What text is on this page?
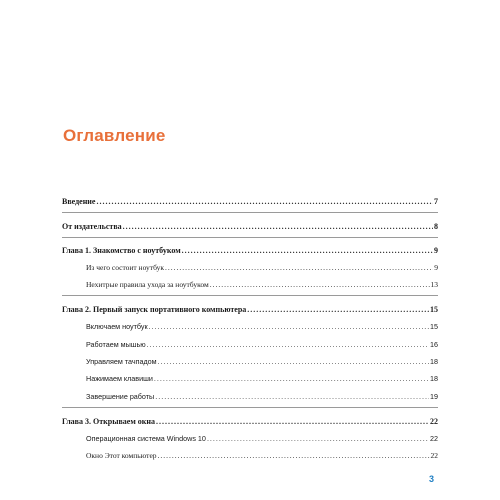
Оглавление
Введение .....	7
От издательства .....	8
Глава 1. Знакомство с ноутбуком .....	9
Из чего состоит ноутбук .....	9
Нехитрые правила ухода за ноутбуком .....	13
Глава 2. Первый запуск портативного компьютера .....	15
Включаем ноутбук .....	15
Работаем мышью .....	16
Управляем тачпадом .....	18
Нажимаем клавиши .....	18
Завершение работы .....	19
Глава 3. Открываем окна .....	22
Операционная система Windows 10 .....	22
Окно Этот компьютер .....	22
3
